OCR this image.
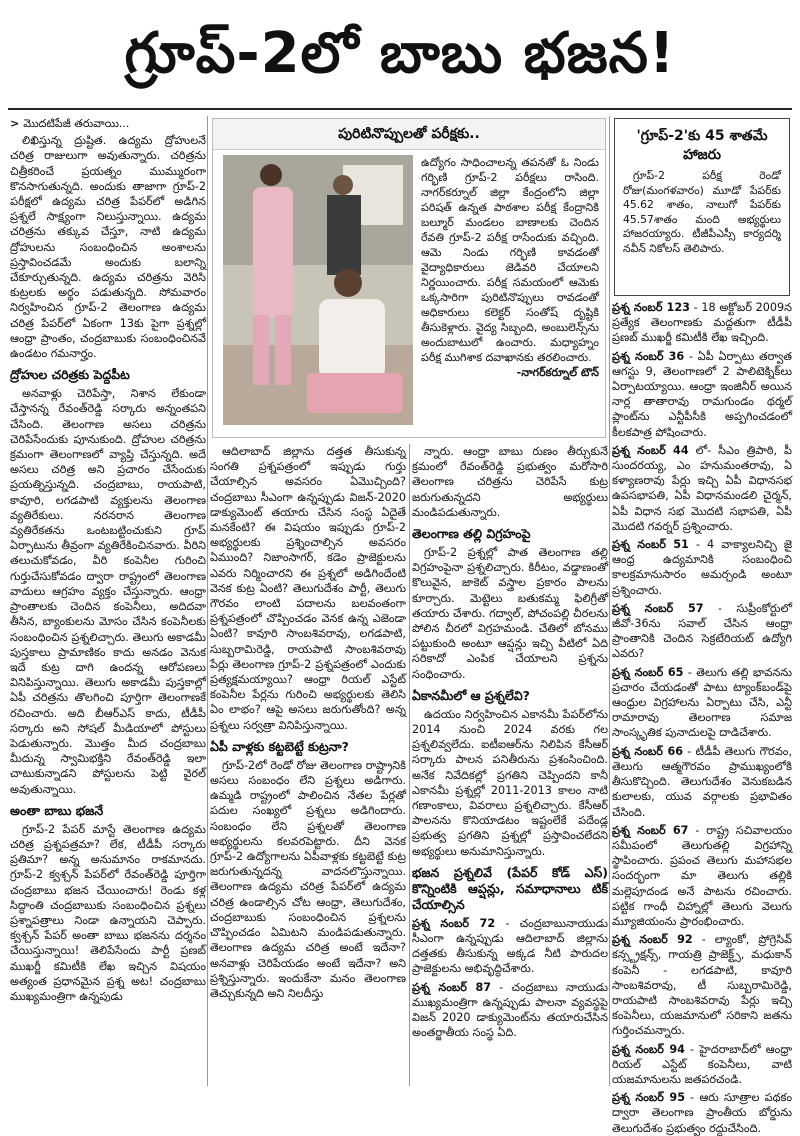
గ్రూప్-2లో బాబు భజన!
> మొదటిపేజీ తరువాయి...

లిఖిస్తున్న ద్రుష్టిత. ఉద్యమ ద్రోహులనే చరిత్ర రాజులుగా అవుతున్నారు. చరిత్రను చిత్రీకరించే ప్రయత్నం ముమ్మురంగా కొనసాగుతున్నది. అందుకు తాజాగా గ్రూప్-2 పరీక్షలో ఉద్యమ చరిత్ర పేపర్‌లో అడిగిన ప్రశ్నలే సాక్ష్యంగా నిలుస్తున్నాయి. ఉద్యమ చరిత్రను తక్కువ చేస్తూ, నాటి ఉద్యమ ద్రోహులను సంబంధించిన అంశాలను ప్రస్తావించడమే అందుకు బలాన్ని చేకూర్చుతున్నది. ఉద్యమ చరిత్రను వెరిసి కుట్రలకు అర్థం పడుతున్నది. సోమవారం నిర్వహించిన గ్రూప్-2 తెలంగాణ ఉద్యమ చరిత్ర పేపర్‌లో ఏకంగా 13కు పైగా ప్రశ్నల్లో ఆంధ్రా ప్రాంతం, చంద్రబాబుకు సంబంధించినవే ఉండటం గమనార్హం.

ద్రోహుల చరిత్రకు పెద్దపీట

అనవాళ్లు చెరిపేస్తా, నిశాన లేకుండా చేస్తానన్న రేవంత్‌రెడ్డి సర్కారు అన్నంతపని చేసింది. తెలంగాణ అసలు చరిత్రను చెరిపేసేందుకు పూనుకుంది. ద్రోహుల చరిత్రను క్రమంగా తెలంగాణలో వ్యాప్తి చేస్తున్నది. అదే అసలు చరిత్ర అని ప్రచారం చేసేందుకు ప్రయత్నిస్తున్నది. చంద్రబాబు, రాయపాటి, కావూరి, లగడపాటి వ్యక్తులను తెలంగాణ వ్యతిరేకులు. నరనరాన తెలంగాణ వ్యతిరేకతను ఒంటబట్టించుకుని గ్రూప్ ఏర్పాటును తీవ్రంగా వ్యతిరేకించినవారు. వీరిని తలుచుకోవడం, వీరి కంపెనీల గురించి గుర్తుచేసుకోవడం ద్వారా రాష్ట్రంలో తెలంగాణ వాదులు ఆగ్రహం వ్యక్తం చేస్తున్నారు. ఆంధ్రా ప్రాంతాలకు చెందిన కంపెనీలు, అదిదవా తీసిన, బ్యాంకులను మోసం చేసిన కంపెనీలకు సంబంధించిన ప్రశ్నలిచ్చారు. తెలుగు అకాడమీ పుస్తకాలు ప్రామాణికం కాదు అనడం వెనుక ఇదే కుట్ర దాగి ఉందన్న ఆరోపణలు వినిపిస్తున్నాయి. తెలుగు అకాడమీ పుస్తకాల్లో ఏపీ చరిత్రను తొలగించి పూర్తిగా తెలంగాణకే రచించారు. అది బీఆర్‌ఎస్ కాదు, టీడీపీ సర్కారు అని సోషల్ మీడియాలో పోస్టులు పెడుతున్నారు. మొత్తం మీద చంద్రబాబు మీదున్న స్వామిభక్తిని రేవంత్‌రెడ్డి ఇలా చాటుకున్నాడని పోస్టులను పెట్టి వైరల్ అవుతున్నాయి.

అంతా బాబు భజనే

గ్రూప్-2 పేపర్ మాస్టే తెలంగాణ ఉద్యమ చరిత్ర ప్రశ్నపత్రమా? లేక, టీడీపీ సర్కారు ప్రతిమా? అన్న అనుమానం రాకమానదు. గ్రూప్-2 క్వశ్చన్ పేపర్‌లో రేవంత్‌రెడ్డి పూర్తిగా చంద్రబాబు భజన చేయించారు! రెండు కళ్ల సిద్ధాంతి చంద్రబాబుకు సంబంధించిన ప్రశ్నలు ప్రశ్నాపత్రాలు నిండా ఉన్నాయని చెప్పారు. క్వశ్చన్ పేపర్ అంతా బాబు భజనను దర్శనం చేయిస్తున్నాయి! తెలిపేసేందు పార్టీ ప్రణబ్ ముఖర్జీ కమిటీకి లేఖ ఇచ్చిన విషయం అత్యంత ప్రధానమైన ప్రశ్న అట! చంద్రబాబు ముఖ్యమంత్రిగా ఉన్నపుడు

పురిటినొప్పులతో పరీక్షకు..
ఉద్యోగం సాధించాలన్న తపనతో ఓ నిండు గర్భిణి గ్రూప్-2 పరీక్షలు రాసింది. నాగర్‌కర్నూల్ జిల్లా కేంద్రంలోని జిల్లా పరిషత్ ఉన్నత పాఠశాల పరీక్ష కేంద్రానికి బల్మూర్ మండలం బాణాలకు చెందిన రేవతి గ్రూప్-2 పరీక్ష రాసేందుకు వచ్చింది. ఆమె నిండు గర్భిణి కావడంతో వైద్యాధికారులు జెడివరి చేయాలని నిర్ణయించారు. పరీక్ష సమయంలో ఆమెకు ఒక్కసారిగా పురిటినొప్పులు రావడంతో అధికారులు కలెక్టర్ సంతోష్ దృష్టికి తీసుకెళ్లారు. వైద్య సిబ్బంది, అంబులెన్స్‌ను అందుబాటులో ఉంచారు. మధ్యాహ్నం పరీక్ష ముగిశాక దవాఖానకు తరలించారు.
-నాగర్‌కర్నూల్ టౌన్

ఆదిలాబాద్ జిల్లాను దత్తత తీసుకున్న సంగతి ప్రశ్నపత్రంలో ఇప్పుడు గుర్తు చేయాల్సిన అవసరం ఏమొచ్చింది? చంద్రబాబు సీఎంగా ఉన్నప్పుడు విజన్-2020 డాక్యుమెంట్ తయారు చేసిన సంస్థ ఏదైతే మనకేంటి? ఈ విషయం ఇప్పుడు గ్రూప్-2 అభ్యర్థులకు ప్రశ్నించాల్సిన అవసరం ఏముంది? నిజాంసాగర్, కడెం ప్రాజెక్టులను ఎవరు నిర్మించారని ఈ ప్రశ్నలో అడిగిందేంటి వెనక కుట్ర ఏంటి? తెలుగుదేశం పార్టీ, తెలుగు గౌరవం లాంటి పదాలను బలవంతంగా ప్రశ్నపత్రంలో చొప్పించడం వెనక ఉన్న ఎజెండా ఏంటి? కావూరి సాంబశివరావు, లగడపాటి, సుబ్బరామిరెడ్డి, రాయపాటి సాంబశివరావు పేర్లు తెలంగాణ గ్రూప్-2 ప్రశ్నపత్రంలో ఎందుకు ప్రత్యక్షమయ్యాయి? ఆంధ్రా రియల్ ఎస్టేట్ కంపెనీల పేర్లను గురించి అభ్యర్థులకు తెలిసి ఏం లాభం? ఆపై అసలు జరుగుతోంది? అన్న ప్రశ్నలు సర్వత్రా వినిపిస్తున్నాయి.

ఏపీ వాళ్లకు కట్టబెట్టే కుట్రనా?

గ్రూప్-2లో రెండో రోజు తెలంగాణ రాష్ట్రానికి అసలు సంబంధం లేని ప్రశ్నలు అడిగారు. ఉమ్మడి రాష్ట్రంలో పాలించిన నేతల పేర్లతో పదుల సంఖ్యలో ప్రశ్నలు అడిగిందారు. సంబంధం లేని ప్రశ్నలతో తెలంగాణ అభ్యర్థులను కలవరపెట్టారు. దీని వెనక గ్రూప్-2 ఉద్యోగాలను ఏపీవాళ్లకు కట్టబెట్టే కుట్ర జరుగుతున్నదన్న వాదనలొస్తున్నాయి. తెలంగాణ ఉద్యమ చరిత్ర పేపర్‌లో ఉద్యమ చరిత్ర ఉండాల్సిన చోట ఆంధ్రా, తెలుగుదేశం, చంద్రబాబుకు సంబంధించిన ప్రశ్నలను చొప్పించడం ఏమిటని మండిపడుతున్నారు. తెలంగాణ ఉద్యమ చరిత్ర అంటే ఇదేనా? అనవాళ్లు చెరిపేయడం అంటే ఇదేనా? అని ప్రశ్నిస్తున్నారు. ఇందుకేనా మనం తెలంగాణ తెచ్చుకున్నది అని నిలదీస్తు

న్నారు. ఆంధ్రా బాబు రుణం తీర్చుకునే క్రమంలో రేవంత్‌రెడ్డి ప్రభుత్వం మరోసారి తెలంగాణ చరిత్రను చెరిపేసే కుట్ర జరుగుతున్నదని అభ్యర్థులు మండిపడుతున్నారు.

తెలంగాణ తల్లి విగ్రహంపై

గ్రూప్-2 ప్రశ్నల్లో పాత తెలంగాణ తల్లి విగ్రహంపైనా ప్రశ్నలిచ్చారు. కిరీటం, వడ్డాణంతో కొలువైన, జాకెట్ వస్త్రాల ప్రకారం పాలను కూర్చారు. మెట్టెలు బతుకమ్మ ఫిలిగ్రీతో తయారు చేశారు. గద్వాల్, పోచంపల్లి చీరలను పోలిన చీరలో విగ్రహమండి. చేతిలో బోనము పట్టుకుంది అంటూ ఆప్షన్లు ఇచ్చి వీటిలో ఏది సరికాదో ఎంపిక చేయాలని ప్రశ్నను సంధించారు.

ఏకానమీలో ఆ ప్రశ్నలేవి?

ఉదయం నిర్వహించిన ఎకానమీ పేపర్‌లోను 2014 నుంచి 2024 వరకు గల ప్రశ్నలివ్వలేదు. ఐటీఐఆర్‌ను నిలిపిన కేసీఆర్ సర్కారు పాలన పనితీరును ప్రశంసించింది. అనేక నివేదికల్లో ప్రగతిని చెప్పిందని కానీ ఎకానమీ ప్రశ్నల్లో 2011-2013 కాలం నాటి గణాంకాలు, వివరాలు ప్రశ్నలిచ్చారు. కేసీఆర్ పాలనను కొనియాడటం ఇష్టంలేకే పదేండ్ల ప్రభుత్వ ప్రగతిని ప్రశ్నల్లో ప్రస్తావించలేదని అభ్యర్థులు అనుమానిస్తున్నారు.

భజన ప్రశ్నలివే (పేపర్ కోడ్ ఎస్) కొన్నింటికి ఆప్షన్లు, సమాధానాలు టిక్ చేయాల్సిన
ప్రశ్న నంబర్ 72 - చంద్రబాబునాయుడు సీఎంగా ఉన్నప్పుడు ఆదిలాబాద్ జిల్లాను దత్తతకు తీసుకున్న అక్కడ నీటి పారుదల ప్రాజెక్టులను అభివృద్ధిచేశారు.
ప్రశ్న నంబర్ 87 - చంద్రబాబు నాయుడు ముఖ్యమంత్రిగా ఉన్నప్పుడు పాలనా వ్యవస్థపై విజన్ 2020 డాక్యుమెంట్‌ను తయారుచేసిన అంతర్జాతీయ సంస్థ ఏది.
'గ్రూప్-2'కు 45 శాతమే హాజరు

గ్రూప్-2 పరీక్ష రెండో రోజు(మంగళవారం) మూడో పేపర్‌కు 45.62 శాతం, నాలుగో పేపర్‌కు 45.57శాతం మంది అభ్యర్థులు హాజరయ్యారు. టీజీపీఎస్సీ కార్యదర్శి నవీన్ నికోలస్ తెలిపారు.

ప్రశ్న నంబర్ 123 - 18 అక్టోబర్ 2009న ప్రత్యేక తెలంగాణకు మద్దతుగా టీడీపీ ప్రణబ్ ముఖర్జీ కమిటీకి లేఖ ఇచ్చింది.
ప్రశ్న నంబర్ 36 - ఏపీ ఏర్పాటు తర్వాత ఆగస్టు 9, తెలంగాణలో 2 పాలిటెక్నిక్‌లు ఏర్పాటయ్యాయి. ఆంధ్రా ఇంజినీర్ అయిన నార్ల తాతారావు రామగుండం థర్మల్ ప్లాంట్‌ను ఎన్టీపీసీకి అప్పగించడంలో కీలకపాత్ర పోషించారు.
ప్రశ్న నంబర్ 44 లో- సీఎం త్రిపాఠి, పీ సుందరయ్య, ఎం హనుమంతరావు, ఏ కళ్యాణరావు పేర్లు ఇచ్చి ఏపీ విధానసభ ఉపసభాపతి, ఏపీ విధానమండలి చైర్మన్, ఏపీ విధాన సభ మొదటి సభాపతి, ఏపీ మొదటి గవర్నర్ ప్రశ్నించారు.
ప్రశ్న నంబర్ 51 - 4 వాక్యాలనిచ్చి జై ఆంధ్ర ఉద్యమానికి సంబంధించి కాలక్రమానుసారం అమర్చండి అంటూ ప్రశ్నించారు.
ప్రశ్న నంబర్ 57 - సుప్రీంకోర్టులో జీవో-36ను సవాల్ చేసిన ఆంధ్రా ప్రాంతానికి చెందిన సెక్రటేరియట్ ఉద్యోగి ఎవరు?
ప్రశ్న నంబర్ 65 - తెలుగు తల్లి భావనను ప్రచారం చేయడంతో పాటు ట్యాంక్‌బండ్‌పై ఆంధ్రుల విగ్రహాలను ఏర్పాటు చేసి, ఎన్టీ రామారావు తెలంగాణ సమాజ సాంస్కృతిక పునాదులపై దాడిచేశారు.
ప్రశ్న నంబర్ 66 - టీడీపీ తెలుగు గౌరవం, తెలుగు ఆత్మగౌరవం ప్రాముఖ్యంలోకి తీసుకొచ్చింది. తెలుగుదేశం వెనుకబడిన కులాలకు, యువ వర్గాలకు ప్రభావితం చేసింది.
ప్రశ్న నంబర్ 67 - రాష్ట్ర సచివాలయం సమీపంలో తెలుగుతల్లి విగ్రహాన్ని స్థాపించారు. ప్రపంచ తెలుగు మహాసభల సందర్భంగా మా తెలుగు తల్లికి మల్లెపూదండ అనే పాటను రచించారు. పట్టిక గాంధీ చిహ్నాల్లో తెలుగు వెలుగు మ్యూజియంను ప్రారంభించారు.
ప్రశ్న నంబర్ 92 - ల్యాంకో, ప్రోగ్రెసివ్ కన్స్ట్రక్షన్స్, గాయత్రి ప్రాజెక్ట్స్, మధుకాన్ కంపెనీ - లగడపాటి, కావూరి సాంబశివరావు, టీ సుబ్బరామిరెడ్డి, రాయపాటి సాంబశివరావు పేర్లు ఇచ్చి కంపెనీలు, యజమానులో సరికాని జతను గుర్తించమన్నారు.
ప్రశ్న నంబర్ 94 - హైదరాబాద్‌లో ఆంధ్రా రియల్ ఎస్టేట్ కంపెనీలు, వాటి యజమానులను జతపరచండి.
ప్రశ్న నంబర్ 95 - ఆరు సూత్రాల పథకం ద్వారా తెలంగాణ ప్రాంతీయ బోర్డును తెలుగుదేశం ప్రభుత్వం రద్దుచేసింది.
